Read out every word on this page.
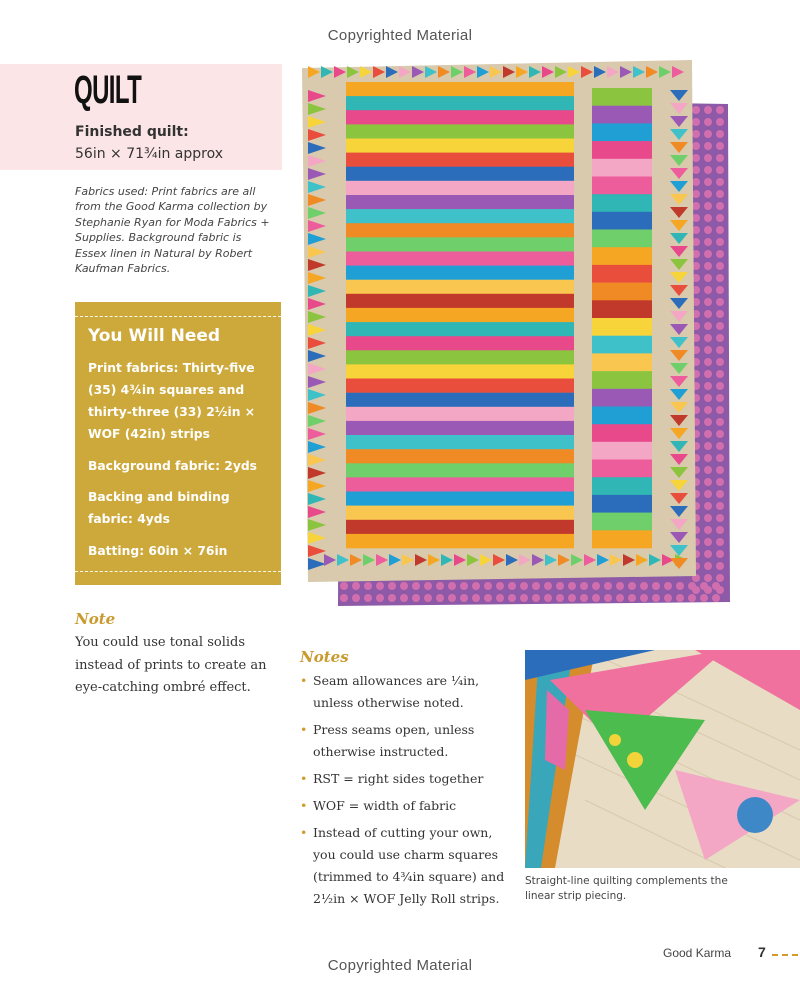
Copyrighted Material
QUILT
Finished quilt:
56in × 71¾in approx
Fabrics used: Print fabrics are all from the Good Karma collection by Stephanie Ryan for Moda Fabrics + Supplies. Background fabric is Essex linen in Natural by Robert Kaufman Fabrics.
You Will Need
Print fabrics: Thirty-five (35) 4¾in squares and thirty-three (33) 2½in × WOF (42in) strips
Background fabric: 2yds
Backing and binding fabric: 4yds
Batting: 60in × 76in
Note
You could use tonal solids instead of prints to create an eye-catching ombré effect.
Notes
• Seam allowances are ¼in, unless otherwise noted.
• Press seams open, unless otherwise instructed.
• RST = right sides together
• WOF = width of fabric
• Instead of cutting your own, you could use charm squares (trimmed to 4¾in square) and 2½in × WOF Jelly Roll strips.
Straight-line quilting complements the linear strip piecing.
Good Karma 7
Copyrighted Material
